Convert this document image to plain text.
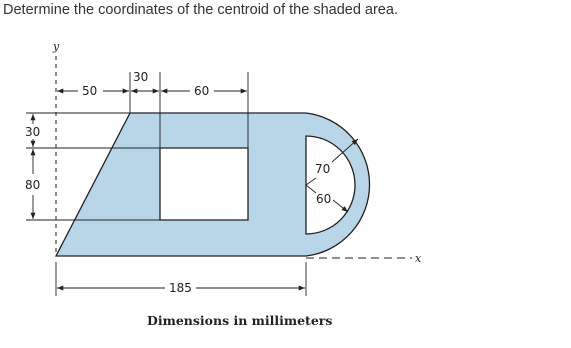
Determine the coordinates of the centroid of the shaded area.
y
x
50
30
60
30
80
70
60
185
Dimensions in millimeters
